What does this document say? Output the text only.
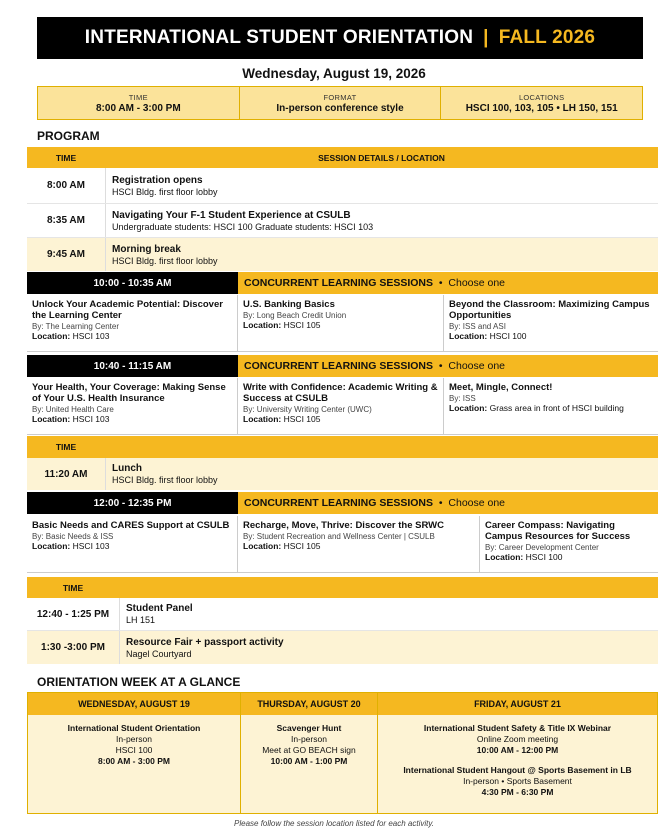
INTERNATIONAL STUDENT ORIENTATION | FALL 2026
Wednesday, August 19, 2026
TIME
8:00 AM - 3:00 PM
FORMAT
In-person conference style
LOCATIONS
HSCI 100, 103, 105 • LH 150, 151
PROGRAM
TIME	SESSION DETAILS / LOCATION
8:00 AM	Registration opens
HSCI Bldg. first floor lobby
8:35 AM	Navigating Your F-1 Student Experience at CSULB
Undergraduate students: HSCI 100 Graduate students: HSCI 103
9:45 AM	Morning break
HSCI Bldg. first floor lobby
10:00 - 10:35 AM	CONCURRENT LEARNING SESSIONS
•
Choose one
Unlock Your Academic Potential: Discover the Learning Center
By: The Learning Center
Location: HSCI 103
U.S. Banking Basics
By: Long Beach Credit Union
Location: HSCI 105
Beyond the Classroom: Maximizing Campus Opportunities
By: ISS and ASI
Location: HSCI 100
10:40 - 11:15 AM	CONCURRENT LEARNING SESSIONS
•
Choose one
Your Health, Your Coverage: Making Sense of Your U.S. Health Insurance
By: United Health Care
Location: HSCI 103
Write with Confidence: Academic Writing & Success at CSULB
By: University Writing Center (UWC)
Location: HSCI 105
Meet, Mingle, Connect!
By: ISS
Location: Grass area in front of HSCI building
TIME
11:20 AM	Lunch
HSCI Bldg. first floor lobby
12:00 - 12:35 PM	CONCURRENT LEARNING SESSIONS
•
Choose one
Basic Needs and CARES Support at CSULB
By: Basic Needs & ISS
Location: HSCI 103
Recharge, Move, Thrive: Discover the SRWC
By: Student Recreation and Wellness Center | CSULB
Location: HSCI 105
Career Compass: Navigating Campus Resources for Success
By: Career Development Center
Location: HSCI 100
TIME
12:40 - 1:25 PM	Student Panel
LH 151
1:30 -3:00 PM	Resource Fair + passport activity
Nagel Courtyard
ORIENTATION WEEK AT A GLANCE
WEDNESDAY, AUGUST 19
International Student Orientation
In-person
HSCI 100
8:00 AM - 3:00 PM
THURSDAY, AUGUST 20
Scavenger Hunt
In-person
Meet at GO BEACH sign
10:00 AM - 1:00 PM
FRIDAY, AUGUST 21
International Student Safety & Title IX Webinar
Online Zoom meeting
10:00 AM - 12:00 PM
International Student Hangout @ Sports Basement in LB
In-person • Sports Basement
4:30 PM - 6:30 PM
Please follow the session location listed for each activity.
